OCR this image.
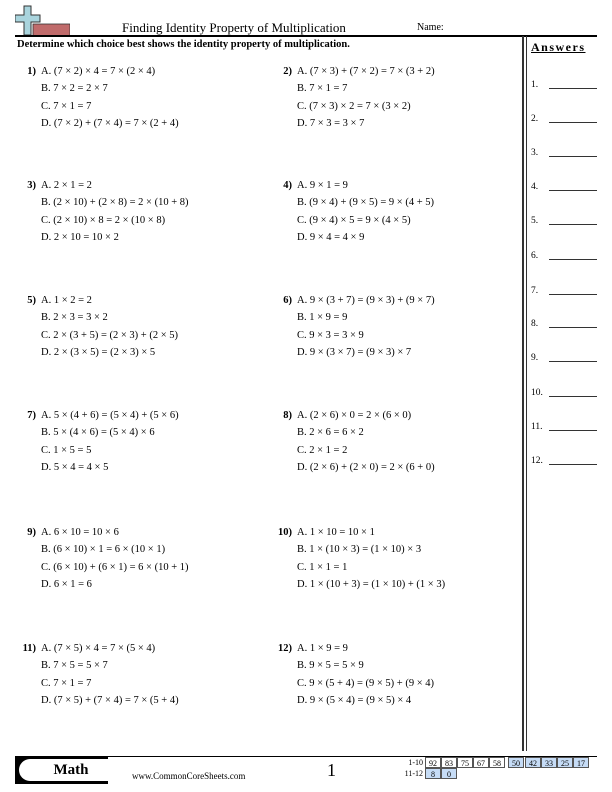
Finding Identity Property of Multiplication	Name:
Determine which choice best shows the identity property of multiplication.	Answers
1.
2.
3.
4.
5.
6.
7.
8.
9.
10.
11.
12.
1) A. (7 × 2) × 4 = 7 × (2 × 4)
B. 7 × 2 = 2 × 7
C. 7 × 1 = 7
D. (7 × 2) + (7 × 4) = 7 × (2 + 4)
2) A. (7 × 3) + (7 × 2) = 7 × (3 + 2)
B. 7 × 1 = 7
C. (7 × 3) × 2 = 7 × (3 × 2)
D. 7 × 3 = 3 × 7
3) A. 2 × 1 = 2
B. (2 × 10) + (2 × 8) = 2 × (10 + 8)
C. (2 × 10) × 8 = 2 × (10 × 8)
D. 2 × 10 = 10 × 2
4) A. 9 × 1 = 9
B. (9 × 4) + (9 × 5) = 9 × (4 + 5)
C. (9 × 4) × 5 = 9 × (4 × 5)
D. 9 × 4 = 4 × 9
5) A. 1 × 2 = 2
B. 2 × 3 = 3 × 2
C. 2 × (3 + 5) = (2 × 3) + (2 × 5)
D. 2 × (3 × 5) = (2 × 3) × 5
6) A. 9 × (3 + 7) = (9 × 3) + (9 × 7)
B. 1 × 9 = 9
C. 9 × 3 = 3 × 9
D. 9 × (3 × 7) = (9 × 3) × 7
7) A. 5 × (4 + 6) = (5 × 4) + (5 × 6)
B. 5 × (4 × 6) = (5 × 4) × 6
C. 1 × 5 = 5
D. 5 × 4 = 4 × 5
8) A. (2 × 6) × 0 = 2 × (6 × 0)
B. 2 × 6 = 6 × 2
C. 2 × 1 = 2
D. (2 × 6) + (2 × 0) = 2 × (6 + 0)
9) A. 6 × 10 = 10 × 6
B. (6 × 10) × 1 = 6 × (10 × 1)
C. (6 × 10) + (6 × 1) = 6 × (10 + 1)
D. 6 × 1 = 6
10) A. 1 × 10 = 10 × 1
B. 1 × (10 × 3) = (1 × 10) × 3
C. 1 × 1 = 1
D. 1 × (10 + 3) = (1 × 10) + (1 × 3)
11) A. (7 × 5) × 4 = 7 × (5 × 4)
B. 7 × 5 = 5 × 7
C. 7 × 1 = 7
D. (7 × 5) + (7 × 4) = 7 × (5 + 4)
12) A. 1 × 9 = 9
B. 9 × 5 = 5 × 9
C. 9 × (5 + 4) = (9 × 5) + (9 × 4)
D. 9 × (5 × 4) = (9 × 5) × 4
Math	www.CommonCoreSheets.com	1	1-10 92	83	75	67	58	50	42	33	25	17
11-12	8	0
